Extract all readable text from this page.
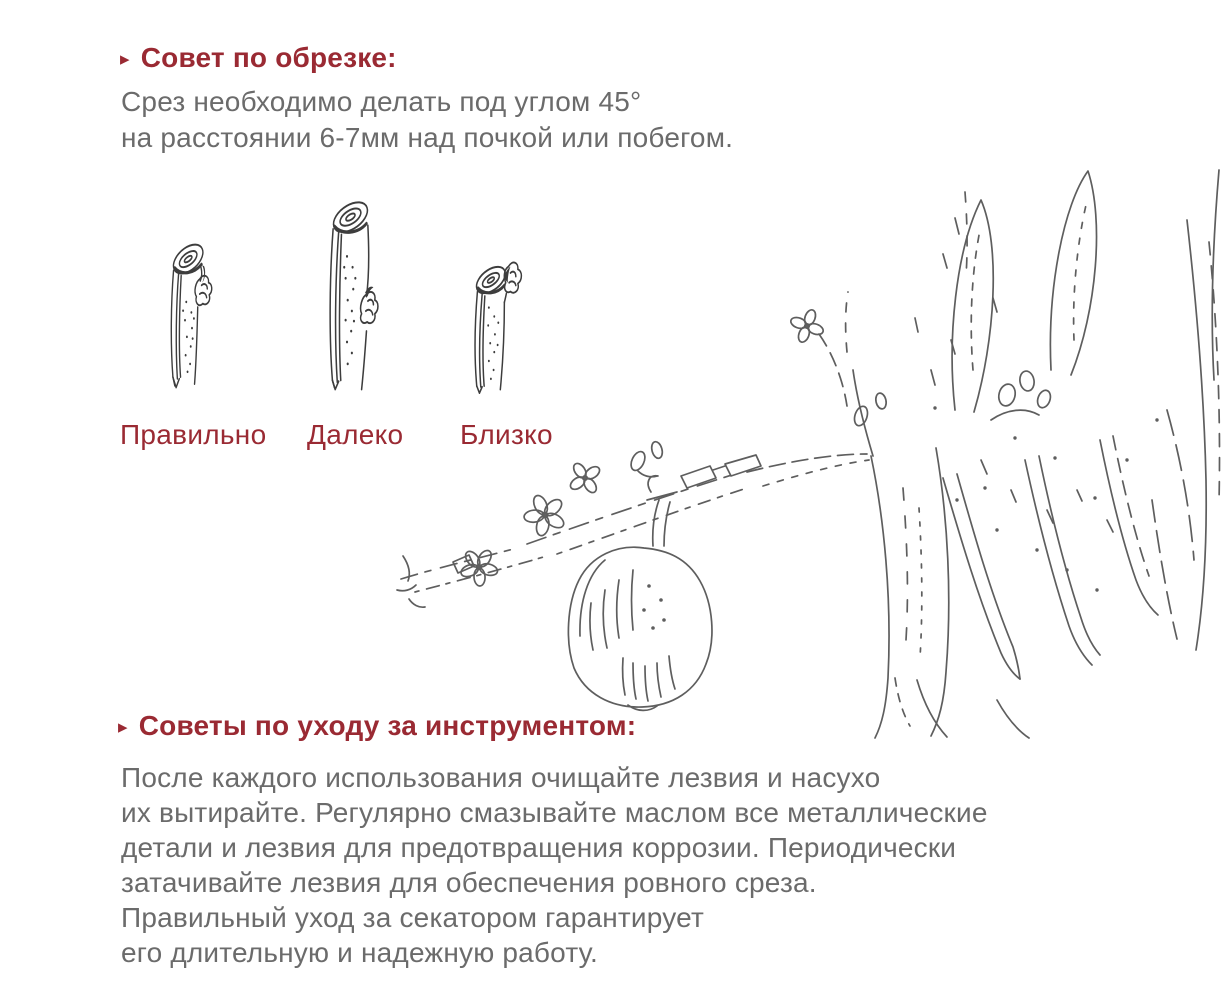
▸ Совет по обрезке:

Срез необходимо делать под углом 45°
на расстоянии 6-7мм над почкой или побегом.

Правильно Далеко Близко
▸ Советы по уходу за инструментом:

После каждого использования очищайте лезвия и насухо
их вытирайте. Регулярно смазывайте маслом все металлические
детали и лезвия для предотвращения коррозии. Периодически
затачивайте лезвия для обеспечения ровного среза.

Правильный уход за секатором гарантирует
его длительную и надежную работу.
